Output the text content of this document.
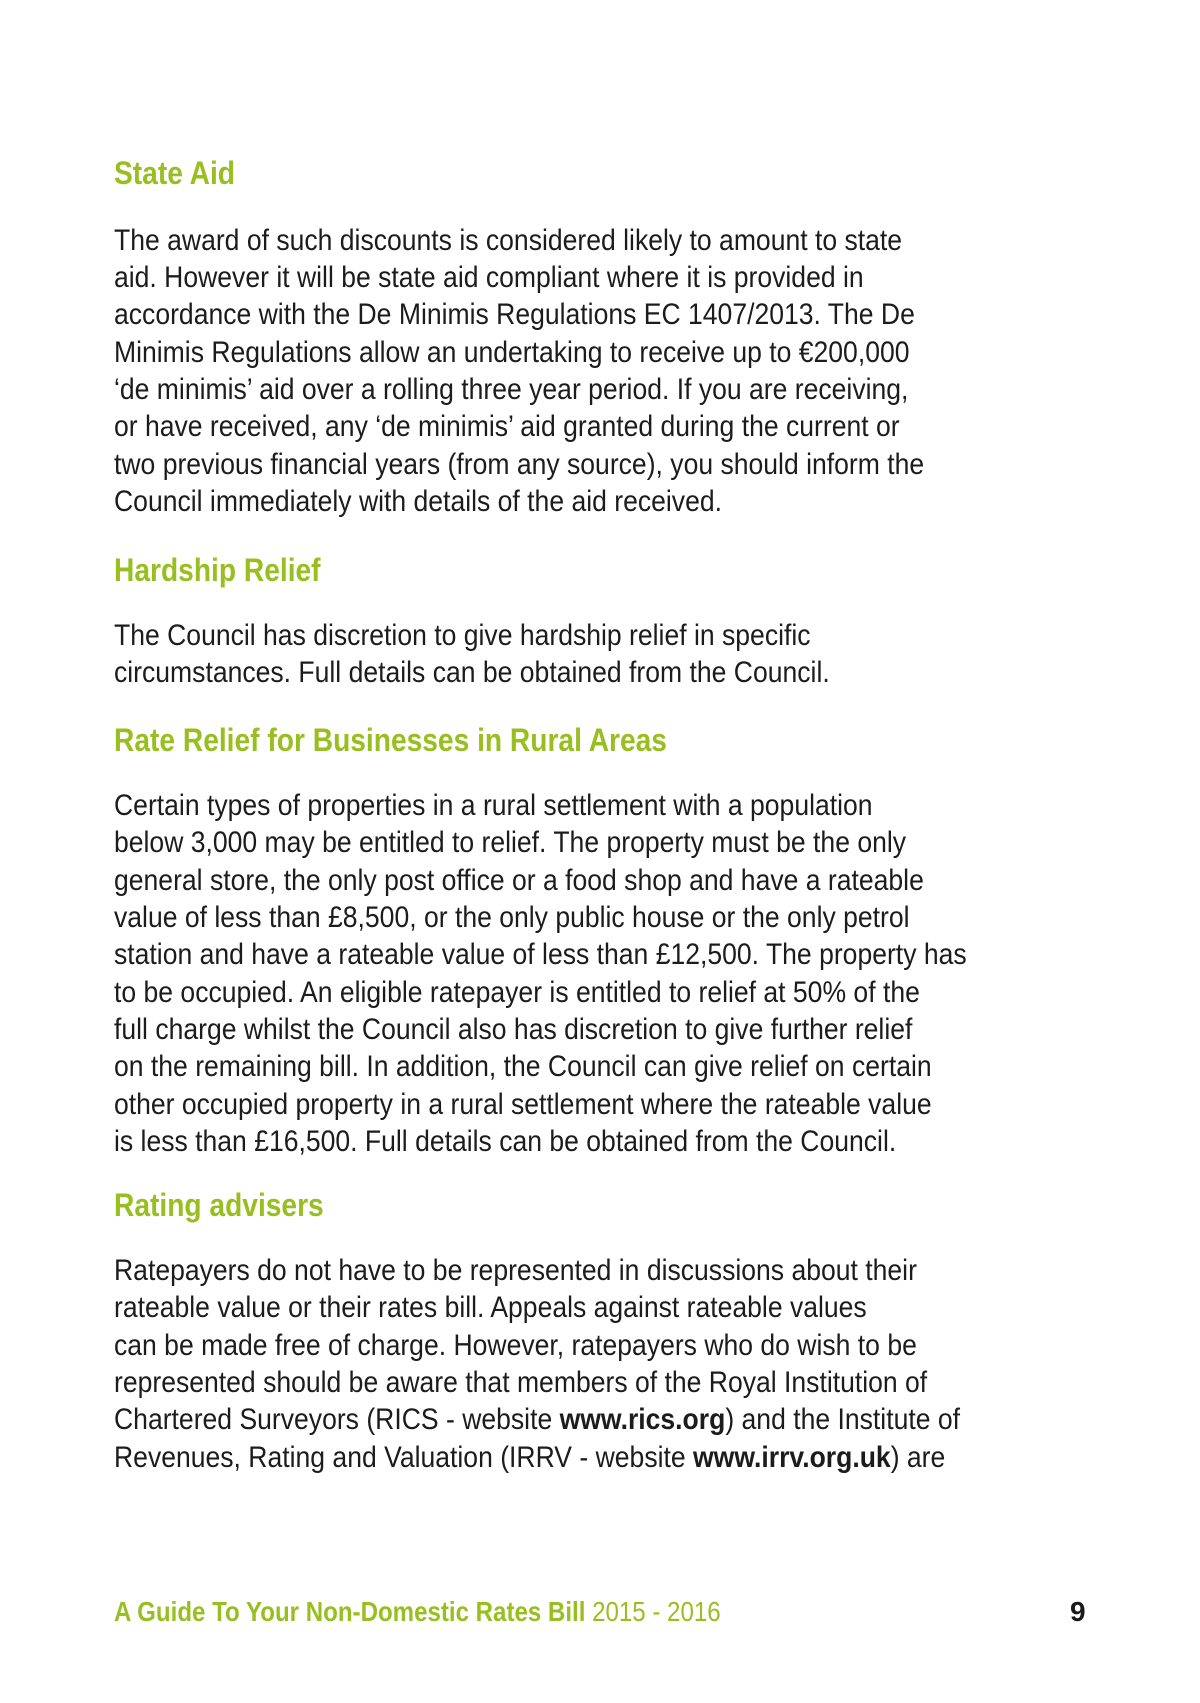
State Aid

The award of such discounts is considered likely to amount to state

aid. However it will be state aid compliant where it is provided in

accordance with the De Minimis Regulations EC 1407/2013. The De

Minimis Regulations allow an undertaking to receive up to €200,000

‘de minimis’ aid over a rolling three year period. If you are receiving,

or have received, any ‘de minimis’ aid granted during the current or

two previous financial years (from any source), you should inform the

Council immediately with details of the aid received.

Hardship Relief

The Council has discretion to give hardship relief in specific

circumstances. Full details can be obtained from the Council.

Rate Relief for Businesses in Rural Areas

Certain types of properties in a rural settlement with a population

below 3,000 may be entitled to relief. The property must be the only

general store, the only post office or a food shop and have a rateable

value of less than £8,500, or the only public house or the only petrol

station and have a rateable value of less than £12,500. The property has

to be occupied. An eligible ratepayer is entitled to relief at 50% of the

full charge whilst the Council also has discretion to give further relief

on the remaining bill. In addition, the Council can give relief on certain

other occupied property in a rural settlement where the rateable value

is less than £16,500. Full details can be obtained from the Council.

Rating advisers

Ratepayers do not have to be represented in discussions about their

rateable value or their rates bill. Appeals against rateable values

can be made free of charge. However, ratepayers who do wish to be

represented should be aware that members of the Royal Institution of

Chartered Surveyors (RICS - website www.rics.org) and the Institute of

Revenues, Rating and Valuation (IRRV - website www.irrv.org.uk) are

A Guide To Your Non-Domestic Rates Bill 2015 - 2016	9
